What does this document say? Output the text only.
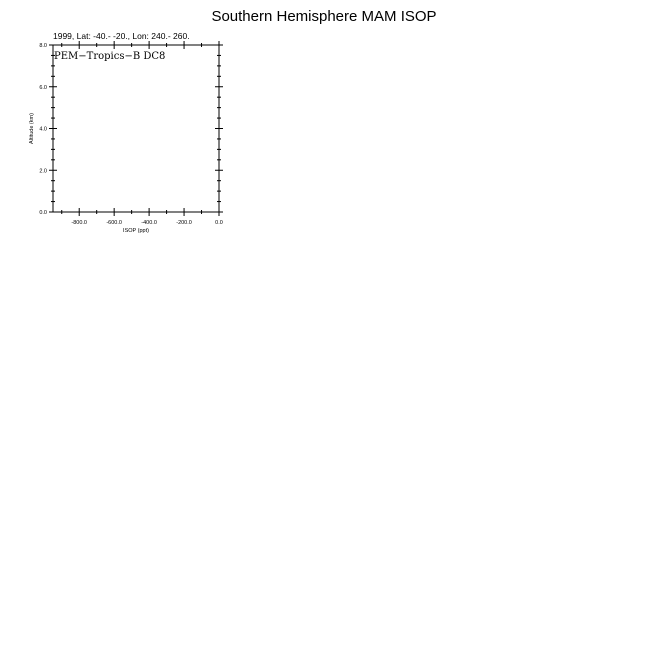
Southern Hemisphere MAM ISOP
1999, Lat: -40.- -20., Lon: 240.- 260.
-800.0	-600.0	-400.0	-200.0	0.0
0.0
2.0
4.0
6.0
8.0
PEM−Tropics−B DC8
ISOP (ppt)
Altitude (km)
